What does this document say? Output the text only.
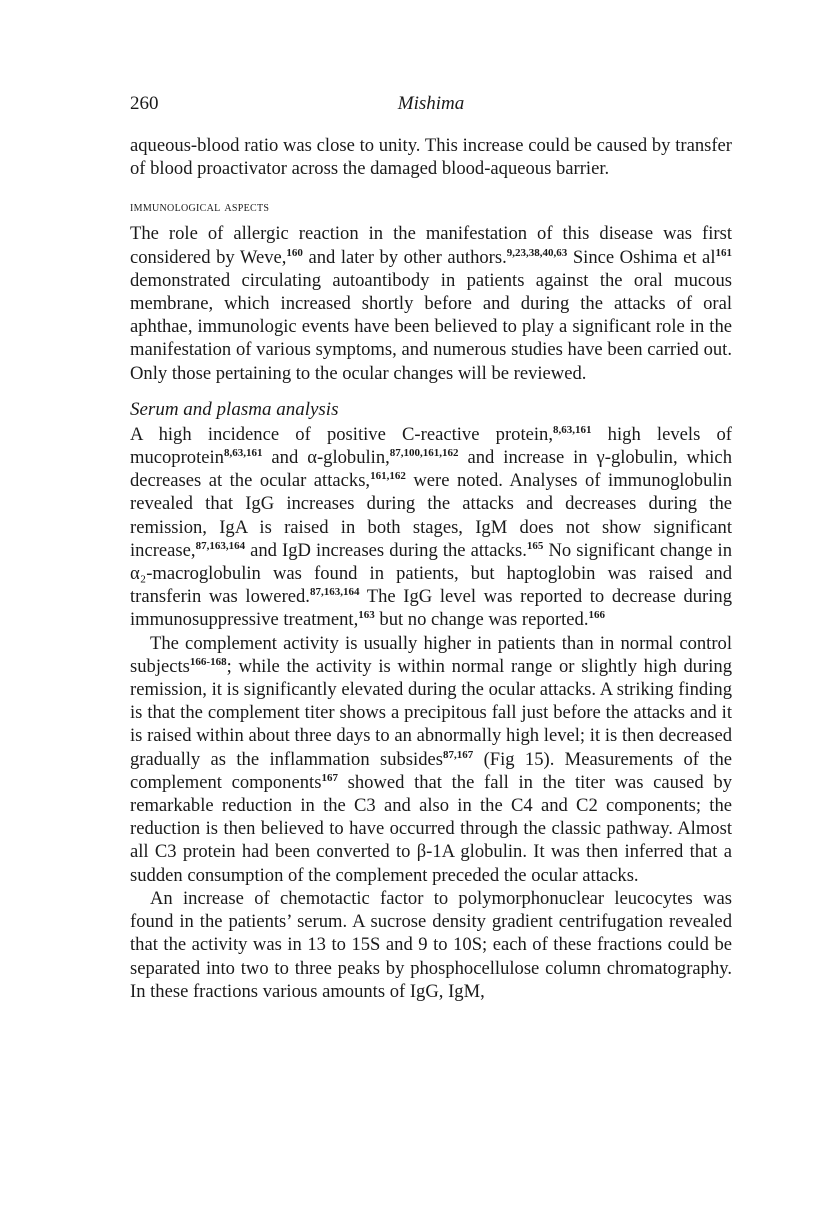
260	Mishima

aqueous-blood ratio was close to unity. This increase could be caused by transfer of blood proactivator across the damaged blood-aqueous barrier.

immunological aspects

The role of allergic reaction in the manifestation of this disease was first considered by Weve,$^{160}$ and later by other authors.$^{9,23,38,40,63}$ Since Oshima et $al^{161}$ demonstrated circulating autoantibody in patients against the oral mucous membrane, which increased shortly before and during the attacks of oral aphthae, immunologic events have been believed to play a significant role in the manifestation of various symptoms, and numerous studies have been carried out. Only those pertaining to the ocular changes will be reviewed.

Serum and plasma analysis

A high incidence of positive C-reactive protein,$^{8,63,161}$ high levels of mucoprotein$^{8,63,161}$ and α-globulin,$^{87,100,161,162}$ and increase in γ-globulin, which decreases at the ocular attacks,$^{161,162}$ were noted. Analyses of immunoglobulin revealed that IgG increases during the attacks and decreases during the remission, IgA is raised in both stages, IgM does not show significant increase,$^{87,163,164}$ and IgD increases during the attacks.$^{165}$ No significant change in α₂-macroglobulin was found in patients, but haptoglobin was raised and transferin was lowered.$^{87,163,164}$ The IgG level was reported to decrease during immunosuppressive treatment,$^{163}$ but no change was reported.$^{166}$

The complement activity is usually higher in patients than in normal control subjects$^{166-168}$; while the activity is within normal range or slightly high during remission, it is significantly elevated during the ocular attacks. A striking finding is that the complement titer shows a precipitous fall just before the attacks and it is raised within about three days to an abnormally high level; it is then decreased gradually as the inflammation subsides$^{87,167}$ (Fig 15). Measurements of the complement components$^{167}$ showed that the fall in the titer was caused by remarkable reduction in the C3 and also in the C4 and C2 components; the reduction is then believed to have occurred through the classic pathway. Almost all C3 protein had been converted to β-1A globulin. It was then inferred that a sudden consumption of the complement preceded the ocular attacks.

An increase of chemotactic factor to polymorphonuclear leucocytes was found in the patients’ serum. A sucrose density gradient centrifugation revealed that the activity was in 13 to 15S and 9 to 10S; each of these fractions could be separated into two to three peaks by phosphocellulose column chromatography. In these fractions various amounts of IgG, IgM,
